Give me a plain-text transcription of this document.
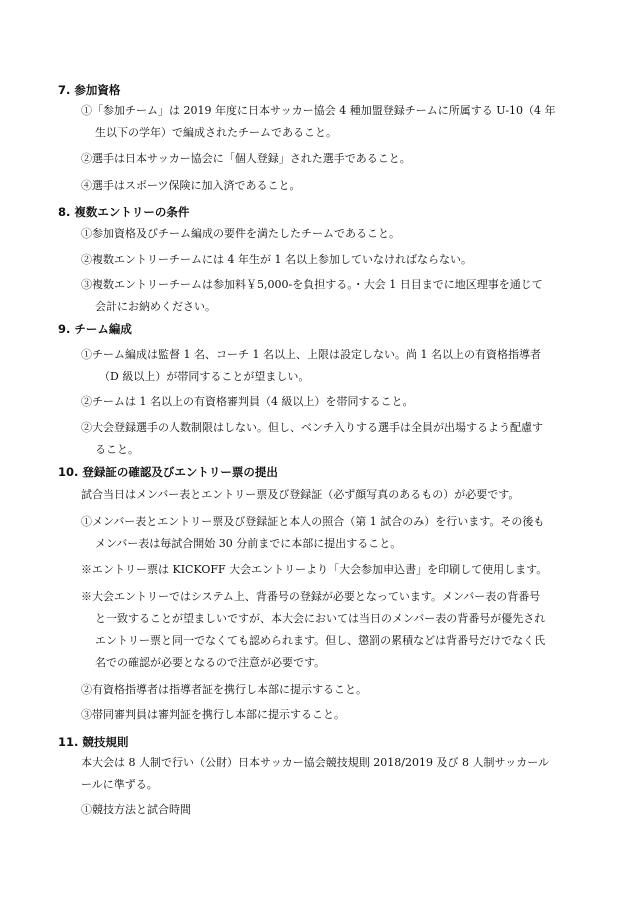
7. 参加資格

①「参加チーム」は 2019 年度に日本サッカー協会 4 種加盟登録チームに所属する U-10（4 年
生以下の学年）で編成されたチームであること。

②選手は日本サッカー協会に「個人登録」された選手であること。

④選手はスポーツ保険に加入済であること。

8. 複数エントリーの条件

①参加資格及びチーム編成の要件を満たしたチームであること。

②複数エントリーチームには 4 年生が 1 名以上参加していなければならない。

③複数エントリーチームは参加料￥5,000-を負担する。・大会 1 日目までに地区理事を通じて
会計にお納めください。

9. チーム編成

①チーム編成は監督 1 名、コーチ 1 名以上、上限は設定しない。尚 1 名以上の有資格指導者
（D 級以上）が帯同することが望ましい。

②チームは 1 名以上の有資格審判員（4 級以上）を帯同すること。

②大会登録選手の人数制限はしない。但し、ベンチ入りする選手は全員が出場するよう配慮す
ること。

10. 登録証の確認及びエントリー票の提出

試合当日はメンバー表とエントリー票及び登録証（必ず顔写真のあるもの）が必要です。

①メンバー表とエントリー票及び登録証と本人の照合（第 1 試合のみ）を行います。その後も
メンバー表は毎試合開始 30 分前までに本部に提出すること。

※エントリー票は KICKOFF 大会エントリーより「大会参加申込書」を印刷して使用します。

※大会エントリーではシステム上、背番号の登録が必要となっています。メンバー表の背番号
と一致することが望ましいですが、本大会においては当日のメンバー表の背番号が優先され
エントリー票と同一でなくても認められます。但し、懲罰の累積などは背番号だけでなく氏
名での確認が必要となるので注意が必要です。

②有資格指導者は指導者証を携行し本部に提示すること。

③帯同審判員は審判証を携行し本部に提示すること。

11. 競技規則

本大会は 8 人制で行い（公財）日本サッカー協会競技規則 2018/2019 及び 8 人制サッカール
ールに準ずる。

①競技方法と試合時間
